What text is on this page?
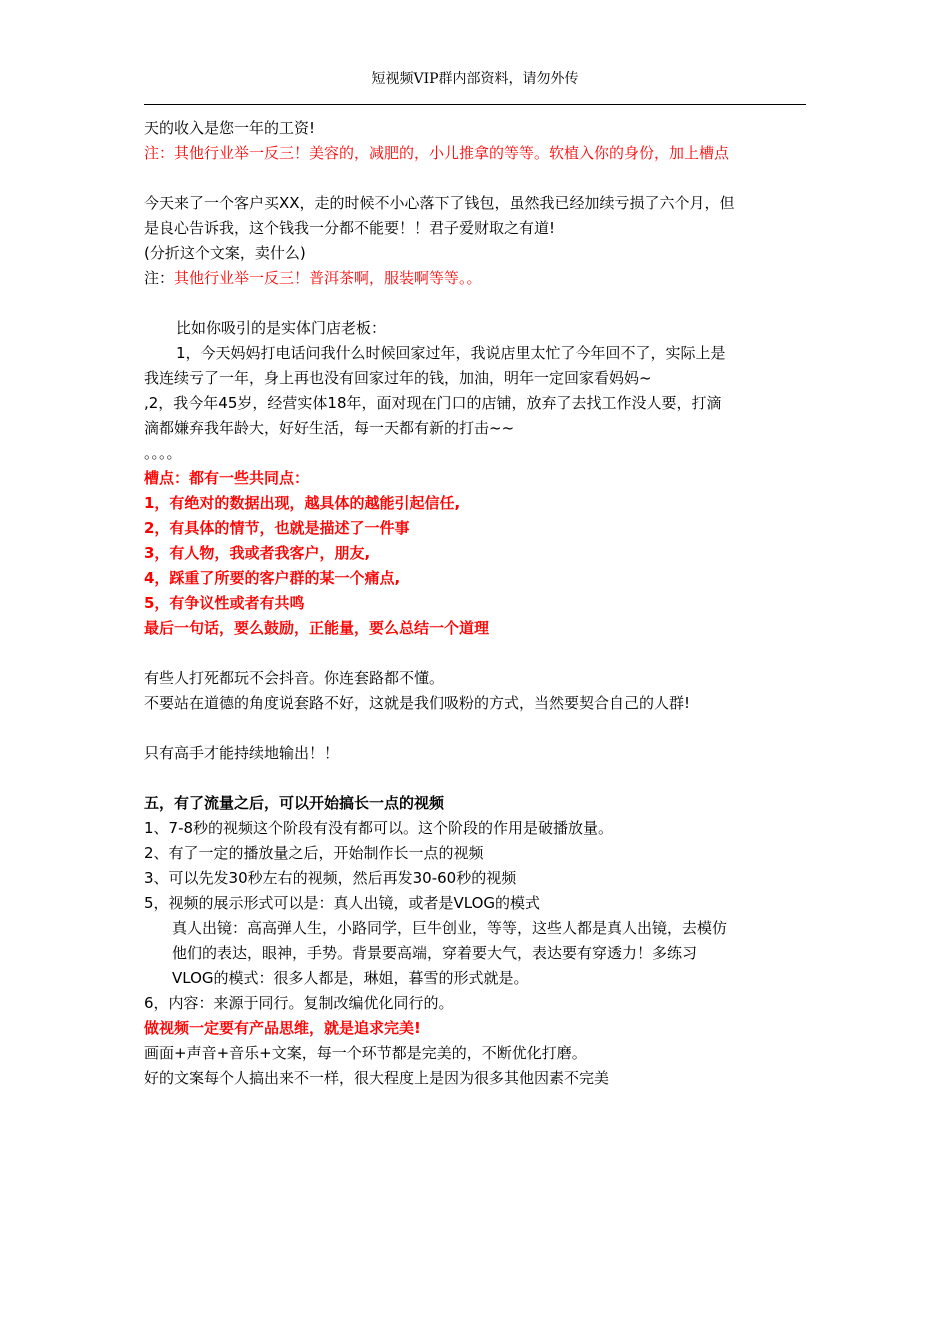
短视频VIP群内部资料，请勿外传
天的收入是您一年的工资!
注：其他行业举一反三！美容的，减肥的，小儿推拿的等等。软植入你的身份，加上槽点
今天来了一个客户买XX，走的时候不小心落下了钱包，虽然我已经加续亏损了六个月，但
是良心告诉我，这个钱我一分都不能要！！君子爱财取之有道!
(分折这个文案，卖什么)
注：其他行业举一反三！普洱茶啊，服装啊等等。。
比如你吸引的是实体门店老板：
1，今天妈妈打电话问我什么时候回家过年，我说店里太忙了今年回不了，实际上是
我连续亏了一年，身上再也没有回家过年的钱，加油，明年一定回家看妈妈~
,2，我今年45岁，经营实体18年，面对现在门口的店铺，放弃了去找工作没人要，打滴
滴都嫌弃我年龄大，好好生活，每一天都有新的打击~~
。。。。
槽点：都有一些共同点：
1，有绝对的数据出现，越具体的越能引起信任,
2，有具体的情节，也就是描述了一件事
3，有人物，我或者我客户，朋友,
4，踩重了所要的客户群的某一个痛点,
5，有争议性或者有共鸣
最后一句话，要么鼓励，正能量，要么总结一个道理
有些人打死都玩不会抖音。你连套路都不懂。
不要站在道德的角度说套路不好，这就是我们吸粉的方式，当然要契合自己的人群!
只有高手才能持续地输出！！
五，有了流量之后，可以开始搞长一点的视频
1、7-8秒的视频这个阶段有没有都可以。这个阶段的作用是破播放量。
2、有了一定的播放量之后，开始制作长一点的视频
3、可以先发30秒左右的视频，然后再发30-60秒的视频
5，视频的展示形式可以是：真人出镜，或者是VLOG的模式
真人出镜：高高弹人生，小路同学，巨牛创业，等等，这些人都是真人出镜，去模仿
他们的表达，眼神，手势。背景要高端，穿着要大气，表达要有穿透力！多练习
VLOG的模式：很多人都是，琳姐，暮雪的形式就是。
6，内容：来源于同行。复制改编优化同行的。
做视频一定要有产品思维，就是追求完美!
画面+声音+音乐+文案，每一个环节都是完美的，不断优化打磨。
好的文案每个人搞出来不一样，很大程度上是因为很多其他因素不完美
